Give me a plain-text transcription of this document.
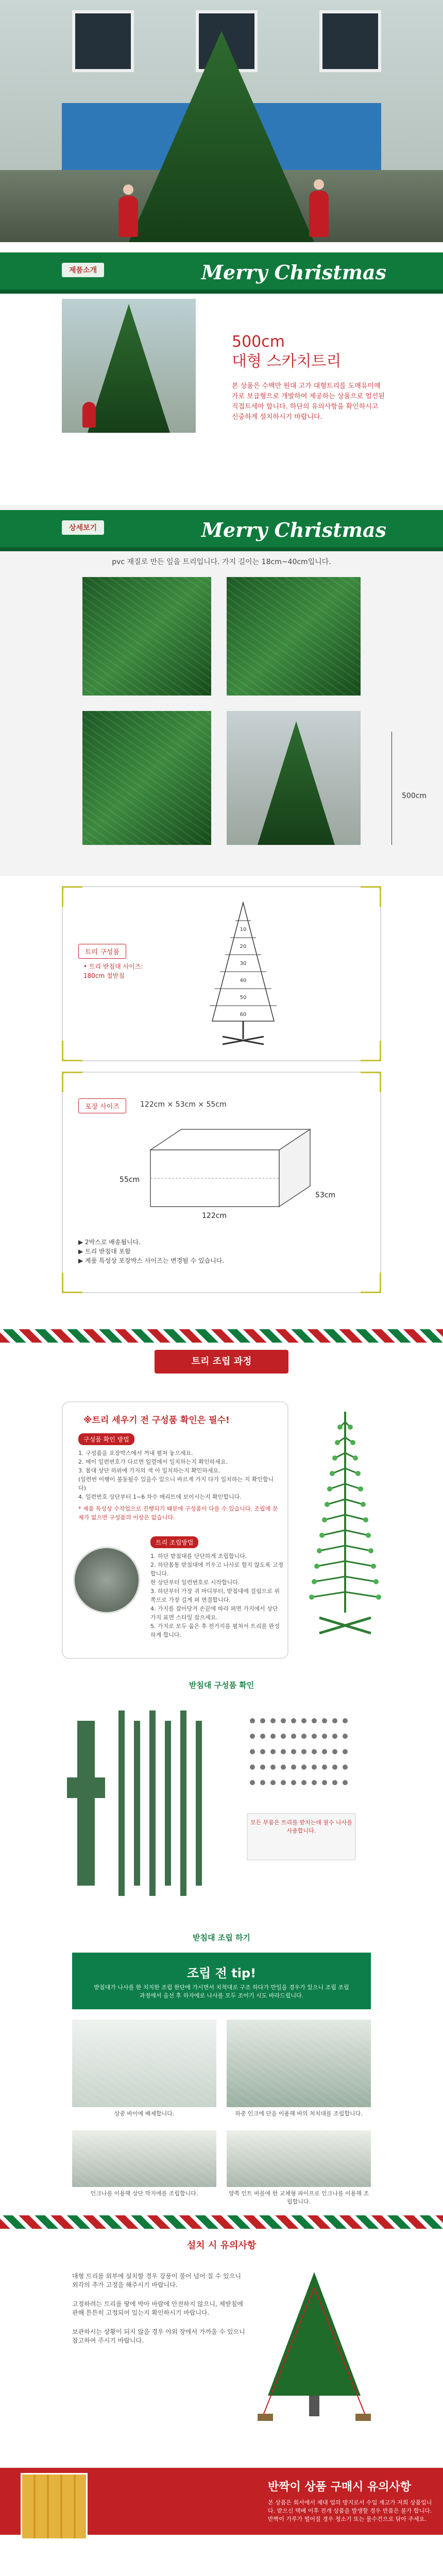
제품소개	Merry Christmas
500cm
대형 스카치트리
본 상품은 수백만 원대 고가 대형트리를 도매유미매가로 보급형으로 개발하여 제공하는 상품으로 엄선된 직접트세마 합니다. 하단의 유의사항을 확인하시고 신중하게 설치하시기 바랍니다.
상세보기	Merry Christmas
pvc 재질로 만든 잎을 트리입니다. 가지 길이는 18cm~40cm입니다.
500cm
트리 구성품
• 트리 받침대 사이즈: 180cm 철받침
10
20
30
40
50
60
포장 사이즈	122cm × 53cm × 55cm
55cm
122cm
53cm
▶ 2박스로 배송됩니다.
▶ 트리 받침대 포함
▶ 제품 특성상 포장박스 사이즈는 변경될 수 있습니다.
트리 조립 과정
※트리 세우기 전 구성품 확인은 필수!
구성품 확인 방법
1. 구성품을 포장박스에서 꺼내 펼쳐 놓으세요.
2. 메이 일련번호가 다르면 일렬에서 일치하는지 확인하세요.
3. 몸대 상단 하위에 가지의 색 아 일치하는지 확인하세요.
(일련번 이행이 불동될수 있을수 있으니 바르게 가지 다가 일치하는 지 확인합니다)
4. 일련번호 상단부터 1~6 차수 메리트에 보이시는지 확인합니다.
* 제품 특성상 수작업으로 진행되기 때문에 구성품이 다를 수 있습니다. 조립에 문제가 없으면 구성품의 이상은 없습니다.
트리 조립방법
1. 하단 받침대를 단단하게 조립합니다.
2. 하단몸통 받침대에 끼우고 나사로 헐지 않도록 고정합니다.
한 상단부터 일련번호로 시작합니다.
3. 하단부터 가장 귀 마디부터, 받침대에 걸림으로 위쪽으로 가장 길게 펴 연결합니다.
4. 가지를 잡아당겨 손끝에 따라 펴면 가지에서 상단 가지 표면 스타일 잡으세요.
5. 가지로 모두 웁은 후 전가지를 펼쳐서 트리를 완성하게 합니다.
받침대 구성품 확인
모든 부품은 트리를 받치는데 필수 나사를 사용합니다.
받침대 조립 하기
조립 전 tip!
받침대가 나사를 한 치지한 조립 한단에 가시면서 치척대로 구조 하다가 만일을 경우가 있으니 조립 조립과정에서 올선 후 하자에로 나사를 모두 조이기 시도 바라드립니다.
상중 바이에 배제합니다.	하중 인크에 단을 이용해 바의 처치대를 조립합니다.
인크나를 이용해 상단 막지에를 조립합니다.	양쪽 인트 바를에 한 교체형 파이프로 인크나를 이용해 조립합니다.
설치 시 유의사항

대형 트리를 외부에 설치할 경우 강풍이 불어 넘어 질 수 있으니 외각의 추가 고정을 해주시기 바랍니다.

고정하려는 트리를 땅에 박아 바람에 안전하지 않으니, 제받침에 관해 튼튼히 고정되어 있는지 확인하시기 바랍니다.

보관하시는 상황이 되지 않을 경우 야외 장에서 가까울 수 있으니 참고하여 주시기 바랍니다.

반짝이 상품 구매시 유의사항
본 상품은 회서에서 제대 업의 방지로서 수입 재고가 저희 상품입니다. 받으신 택배 이후 전개 상품을 발생할 경우 반품은 불가 합니다. 반짝이 가루가 떨어질 경우 청소기 또는 물수건으로 닦아 주세요.
